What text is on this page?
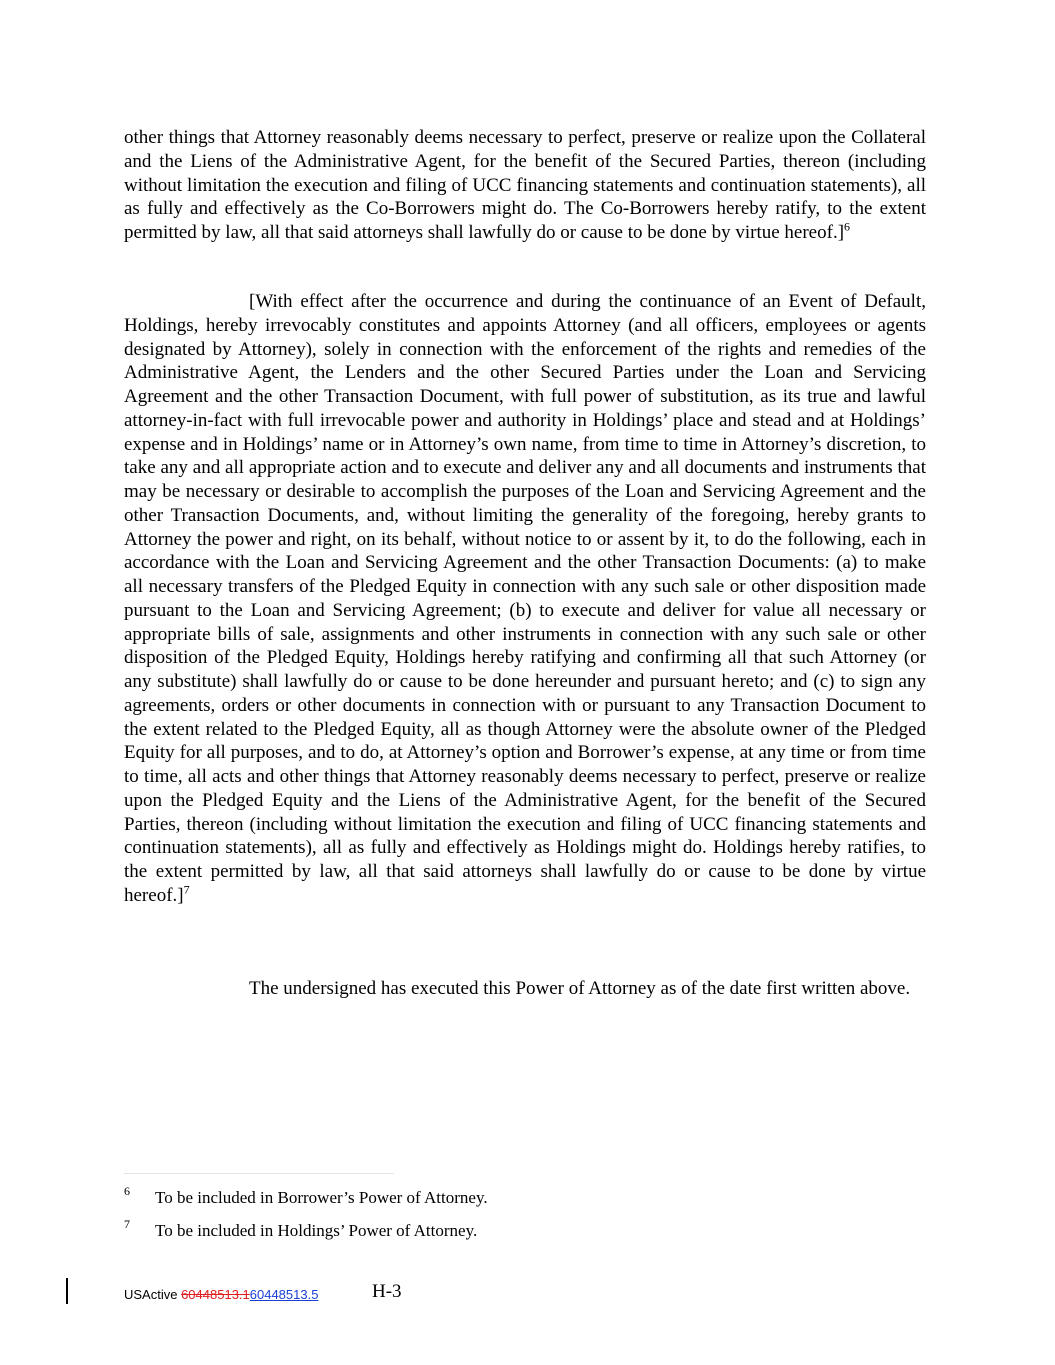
other things that Attorney reasonably deems necessary to perfect, preserve or realize upon the Collateral and the Liens of the Administrative Agent, for the benefit of the Secured Parties, thereon (including without limitation the execution and filing of UCC financing statements and continuation statements), all as fully and effectively as the Co-Borrowers might do. The Co-Borrowers hereby ratify, to the extent permitted by law, all that said attorneys shall lawfully do or cause to be done by virtue hereof.]$^6$

[With effect after the occurrence and during the continuance of an Event of Default, Holdings, hereby irrevocably constitutes and appoints Attorney (and all officers, employees or agents designated by Attorney), solely in connection with the enforcement of the rights and remedies of the Administrative Agent, the Lenders and the other Secured Parties under the Loan and Servicing Agreement and the other Transaction Document, with full power of substitution, as its true and lawful attorney-in-fact with full irrevocable power and authority in Holdings’ place and stead and at Holdings’ expense and in Holdings’ name or in Attorney’s own name, from time to time in Attorney’s discretion, to take any and all appropriate action and to execute and deliver any and all documents and instruments that may be necessary or desirable to accomplish the purposes of the Loan and Servicing Agreement and the other Transaction Documents, and, without limiting the generality of the foregoing, hereby grants to Attorney the power and right, on its behalf, without notice to or assent by it, to do the following, each in accordance with the Loan and Servicing Agreement and the other Transaction Documents: (a) to make all necessary transfers of the Pledged Equity in connection with any such sale or other disposition made pursuant to the Loan and Servicing Agreement; (b) to execute and deliver for value all necessary or appropriate bills of sale, assignments and other instruments in connection with any such sale or other disposition of the Pledged Equity, Holdings hereby ratifying and confirming all that such Attorney (or any substitute) shall lawfully do or cause to be done hereunder and pursuant hereto; and (c) to sign any agreements, orders or other documents in connection with or pursuant to any Transaction Document to the extent related to the Pledged Equity, all as though Attorney were the absolute owner of the Pledged Equity for all purposes, and to do, at Attorney’s option and Borrower’s expense, at any time or from time to time, all acts and other things that Attorney reasonably deems necessary to perfect, preserve or realize upon the Pledged Equity and the Liens of the Administrative Agent, for the benefit of the Secured Parties, thereon (including without limitation the execution and filing of UCC financing statements and continuation statements), all as fully and effectively as Holdings might do. Holdings hereby ratifies, to the extent permitted by law, all that said attorneys shall lawfully do or cause to be done by virtue hereof.]$^7$

The undersigned has executed this Power of Attorney as of the date first written above.

6 To be included in Borrower’s Power of Attorney.
7 To be included in Holdings’ Power of Attorney.
USActive 60448513.160448513.5	H-3
